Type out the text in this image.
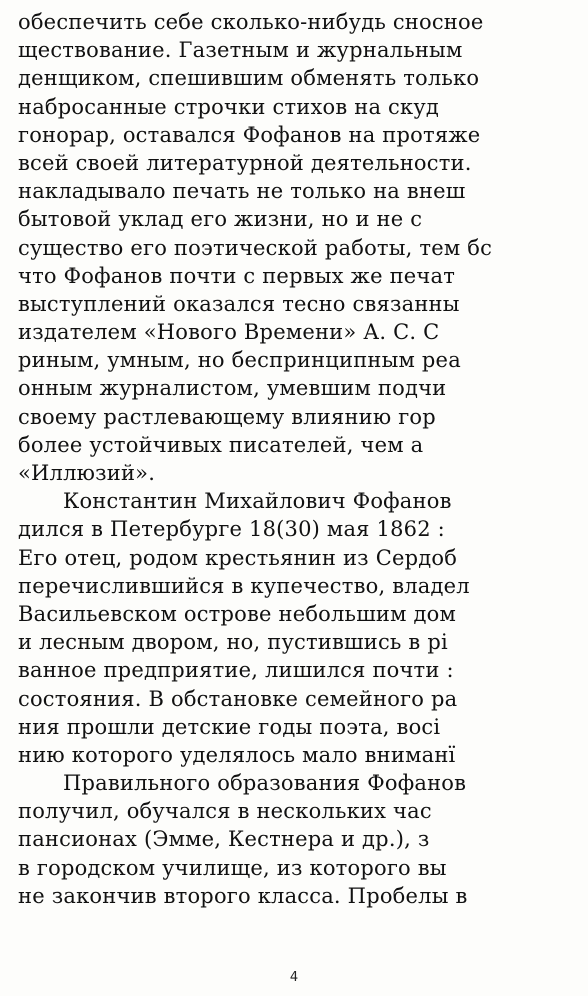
обеспечить себе сколько-нибудь сносное
ществование. Газетным и журнальным
денщиком, спешившим обменять только
набросанные строчки стихов на скуд
гонорар, оставался Фофанов на протяже
всей своей литературной деятельности.
накладывало печать не только на внеш
бытовой уклад его жизни, но и не с
существо его поэтической работы, тем бс
что Фофанов почти с первых же печат
выступлений оказался тесно связанны
издателем «Нового Времени» А. С. С
риным, умным, но беспринципным реа
онным журналистом, умевшим подчи
своему растлевающему влиянию гор
более устойчивых писателей, чем а
«Иллюзий».
Константин Михайлович Фофанов
дился в Петербурге 18(30) мая 1862 :
Его отец, родом крестьянин из Сердоб
перечислившийся в купечество, владел
Васильевском острове небольшим дом
и лесным двором, но, пустившись в рі
ванное предприятие, лишился почти :
состояния. В обстановке семейного ра
ния прошли детские годы поэта, восі
нию которого уделялось мало вниманї
Правильного образования Фофанов
получил, обучался в нескольких час
пансионах (Эмме, Кестнера и др.), з
в городском училище, из которого вы
не закончив второго класса. Пробелы в
4
